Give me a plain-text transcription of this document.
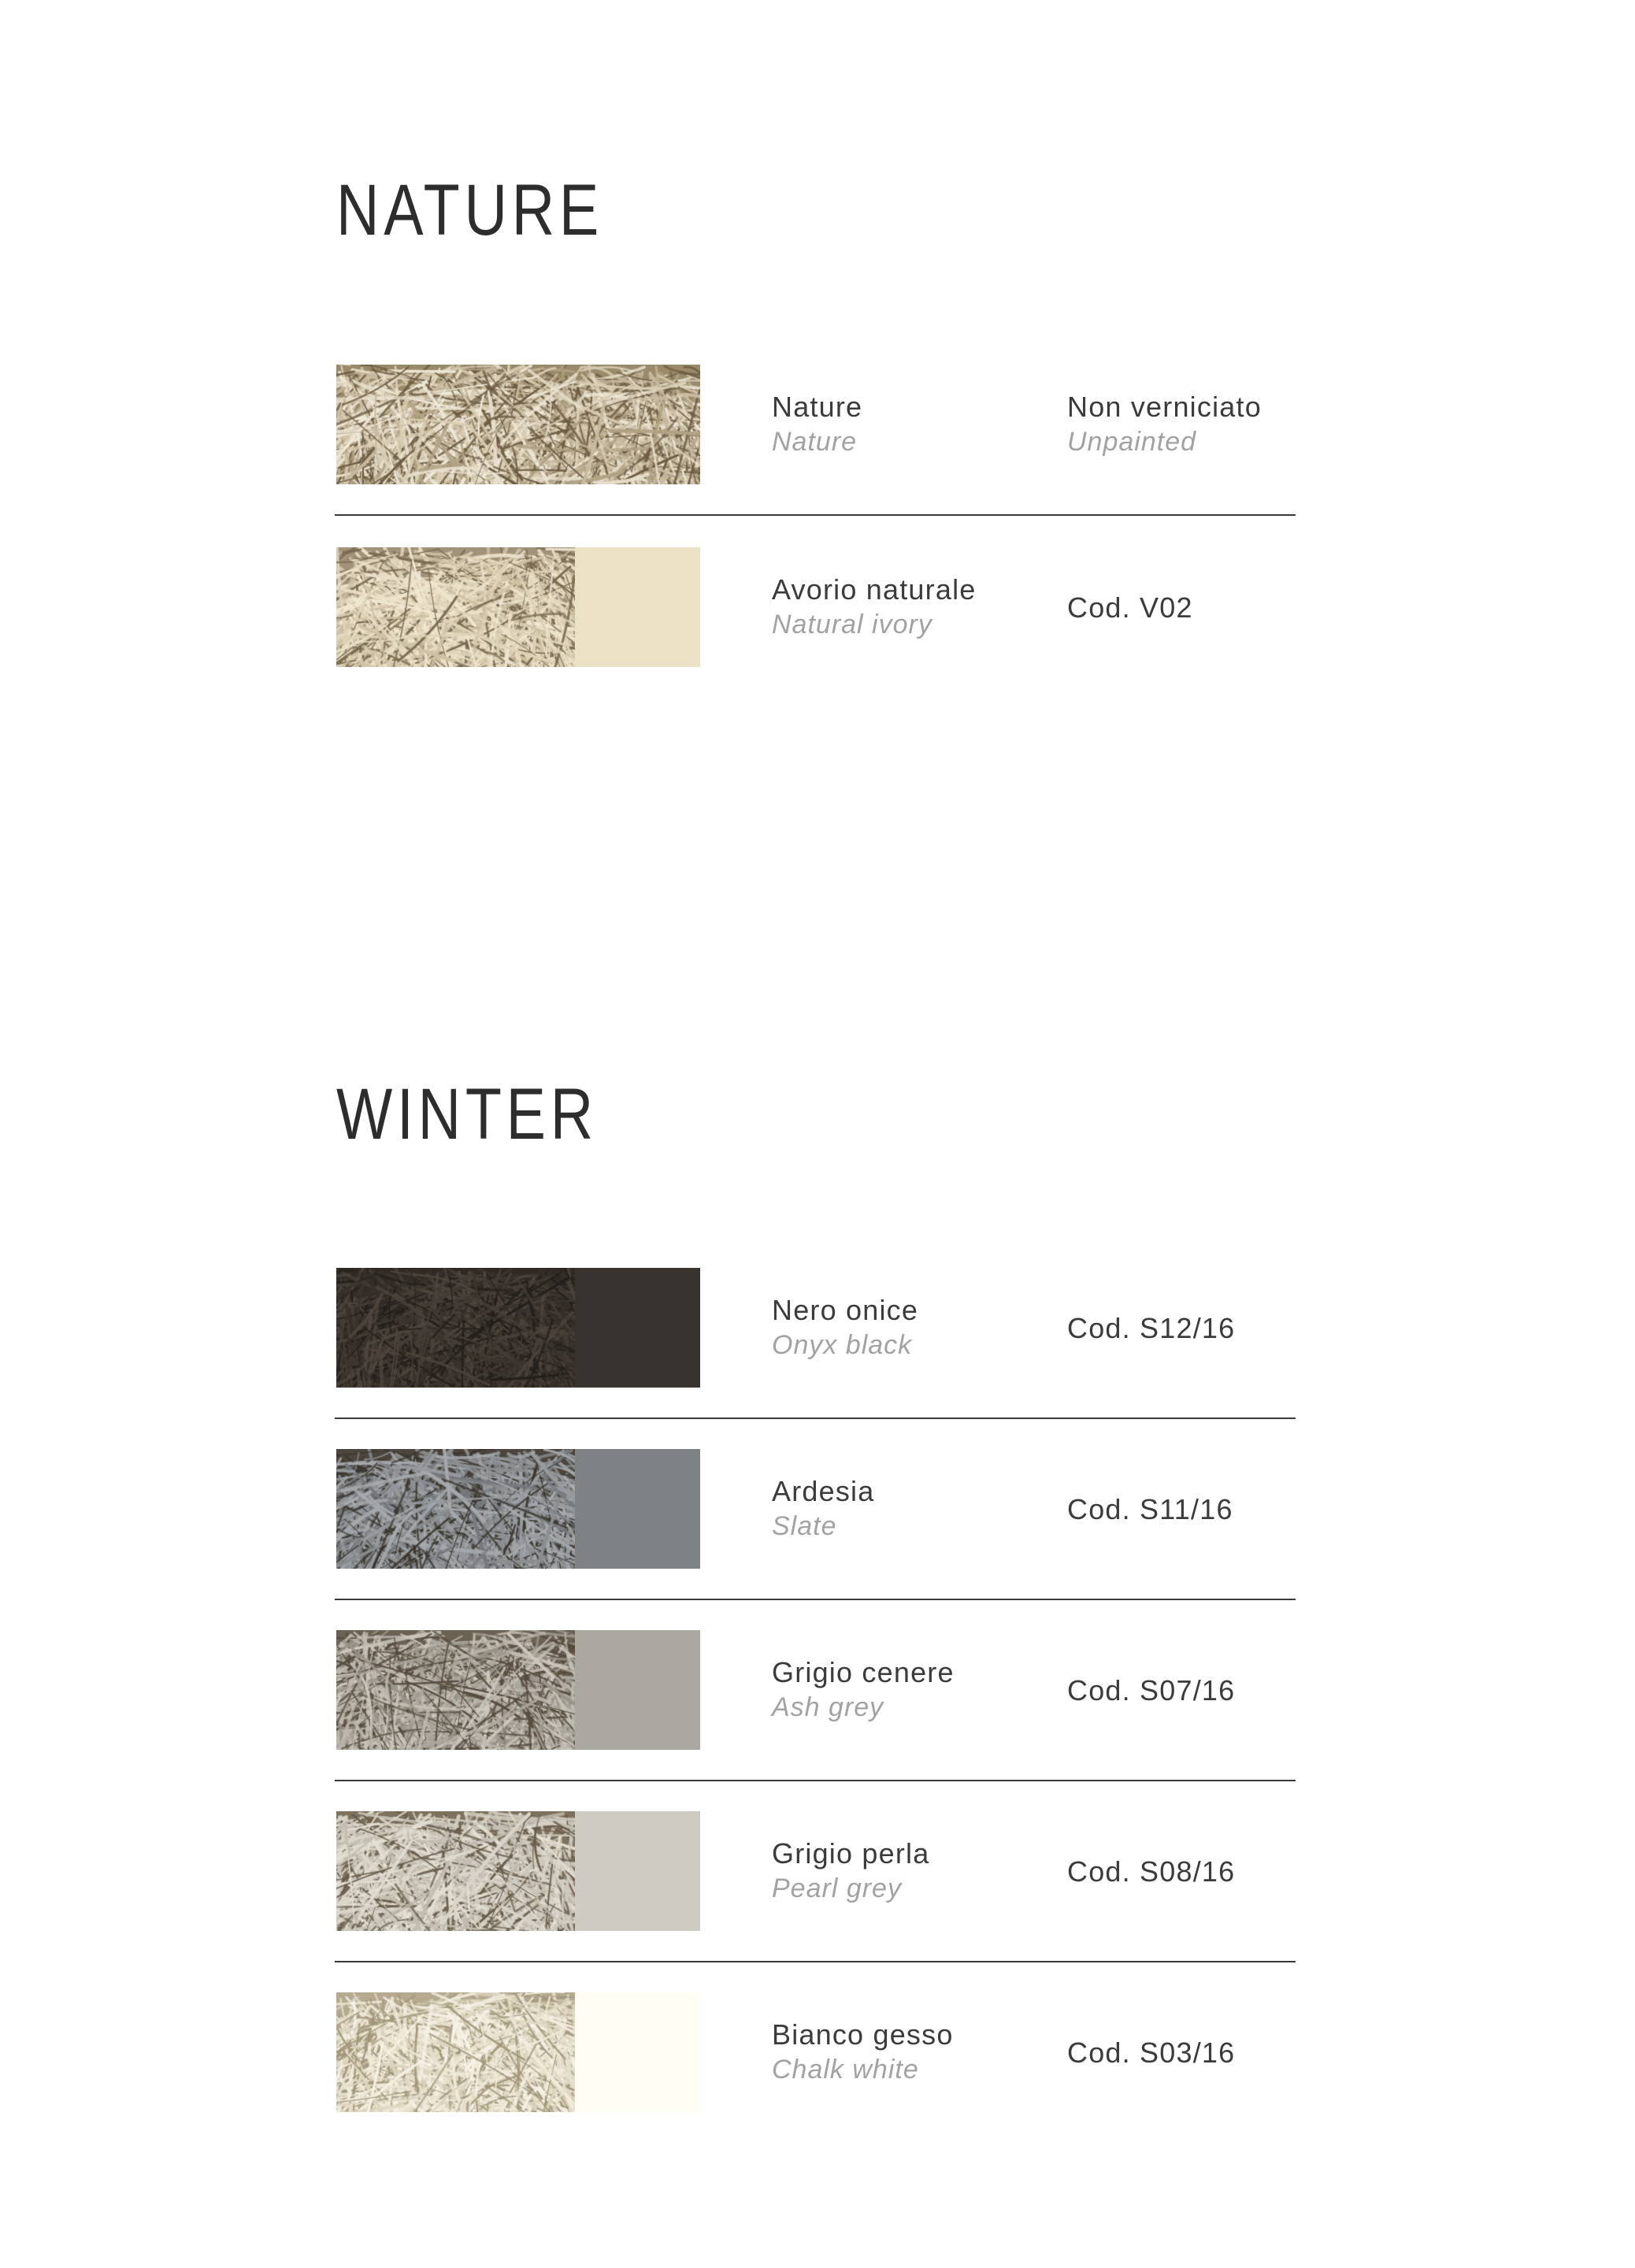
NATURE
WINTER
Nature
Nature
Non verniciato
Unpainted
Avorio naturale
Natural ivory
Cod. V02
Nero onice
Onyx black
Cod. S12/16
Ardesia
Slate
Cod. S11/16
Grigio cenere
Ash grey
Cod. S07/16
Grigio perla
Pearl grey
Cod. S08/16
Bianco gesso
Chalk white
Cod. S03/16
